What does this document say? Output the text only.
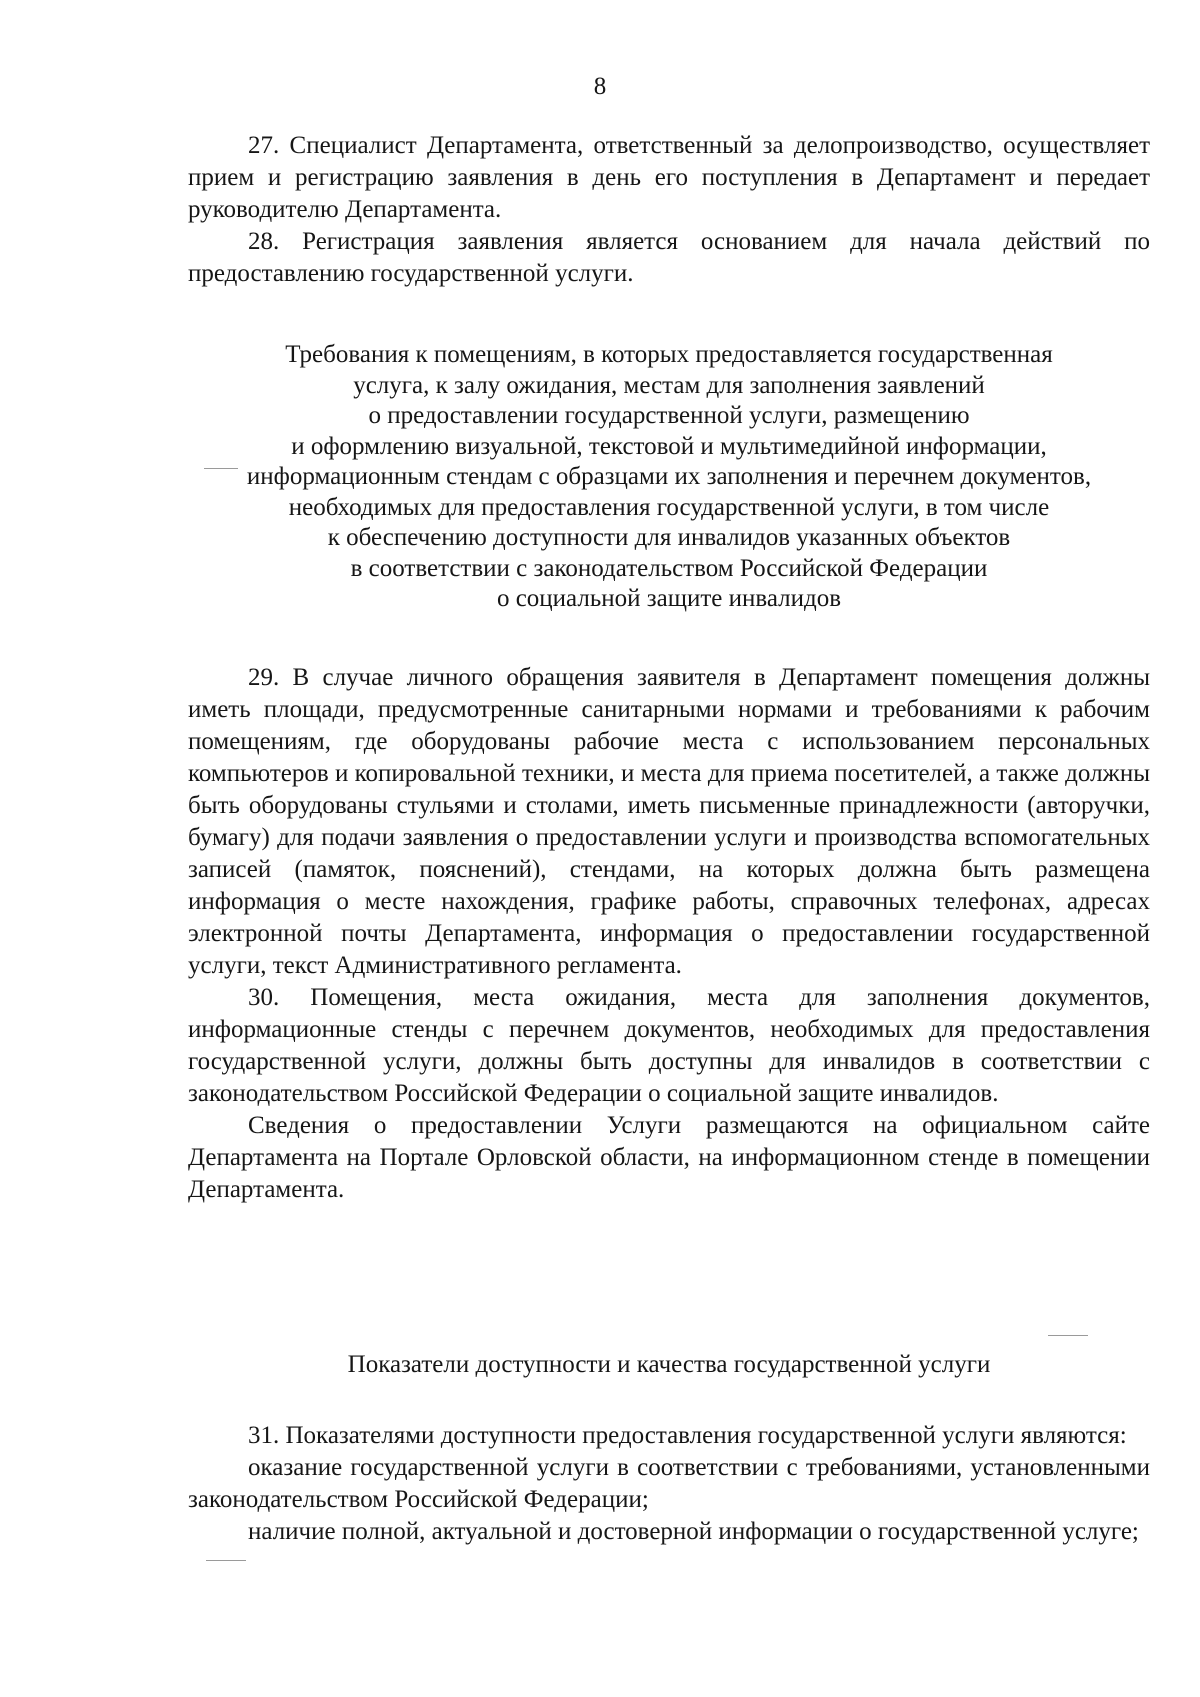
8

27. Специалист Департамента, ответственный за делопроизводство, осуществляет прием и регистрацию заявления в день его поступления в Департамент и передает руководителю Департамента.

28. Регистрация заявления является основанием для начала действий по предоставлению государственной услуги.

Требования к помещениям, в которых предоставляется государственная
услуга, к залу ожидания, местам для заполнения заявлений
о предоставлении государственной услуги, размещению
и оформлению визуальной, текстовой и мультимедийной информации,
информационным стендам с образцами их заполнения и перечнем документов,
необходимых для предоставления государственной услуги, в том числе
к обеспечению доступности для инвалидов указанных объектов
в соответствии с законодательством Российской Федерации
о социальной защите инвалидов

29. В случае личного обращения заявителя в Департамент помещения должны иметь площади, предусмотренные санитарными нормами и требованиями к рабочим помещениям, где оборудованы рабочие места с использованием персональных компьютеров и копировальной техники, и места для приема посетителей, а также должны быть оборудованы стульями и столами, иметь письменные принадлежности (авторучки, бумагу) для подачи заявления о предоставлении услуги и производства вспомогательных записей (памяток, пояснений), стендами, на которых должна быть размещена информация о месте нахождения, графике работы, справочных телефонах, адресах электронной почты Департамента, информация о предоставлении государственной услуги, текст Административного регламента.

30. Помещения, места ожидания, места для заполнения документов, информационные стенды с перечнем документов, необходимых для предоставления государственной услуги, должны быть доступны для инвалидов в соответствии с законодательством Российской Федерации о социальной защите инвалидов.

Сведения о предоставлении Услуги размещаются на официальном сайте Департамента на Портале Орловской области, на информационном стенде в помещении Департамента.

Показатели доступности и качества государственной услуги

31. Показателями доступности предоставления государственной услуги являются:

оказание государственной услуги в соответствии с требованиями, установленными законодательством Российской Федерации;

наличие полной, актуальной и достоверной информации о государственной услуге;
